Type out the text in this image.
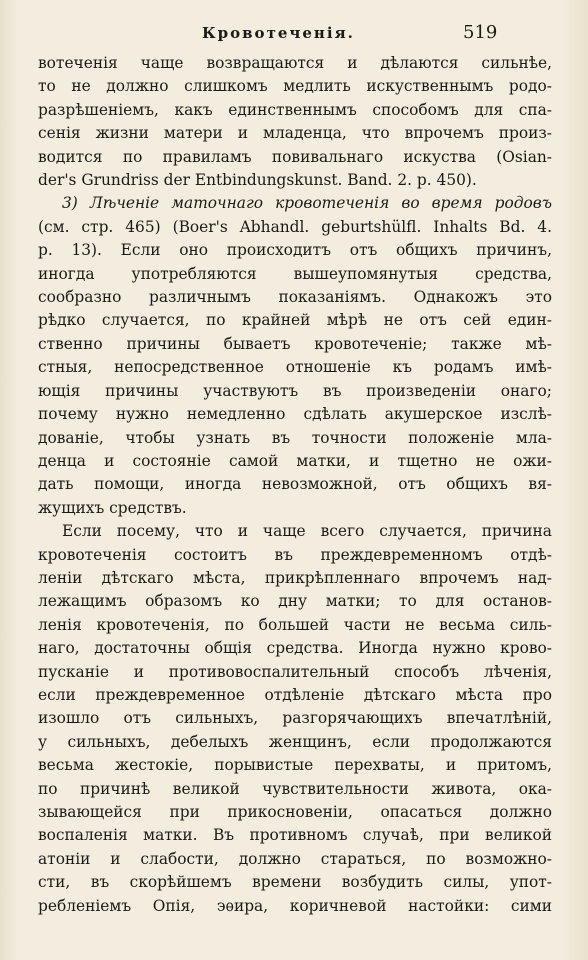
Кровотеченія.	519
вотеченія чаще возвращаются и дѣлаются сильнѣе,
то не должно слишкомъ медлить искуственнымъ родо-
разрѣшеніемъ, какъ единственнымъ способомъ для спа-
сенія жизни матери и младенца, что впрочемъ произ-
водится по правиламъ повивальнаго искуства (Osian-
der's Grundriss der Entbindungskunst. Band. 2. p. 450).
3) Лѣченіе маточнаго кровотеченія во время родовъ
(см. стр. 465) (Boer's Abhandl. geburtshülfl. Inhalts Bd. 4.
p. 13). Если оно происходитъ отъ общихъ причинъ,
иногда употребляются вышеупомянутыя средства,
сообразно различнымъ показаніямъ. Однакожъ это
рѣдко случается, по крайней мѣрѣ не отъ сей един-
ственно причины бываетъ кровотеченіе; также мѣ-
стныя, непосредственное отношеніе къ родамъ имѣ-
ющія причины участвуютъ въ произведеніи онаго;
почему нужно немедленно сдѣлать акушерское изслѣ-
дованіе, чтобы узнать въ точности положеніе мла-
денца и состояніе самой матки, и тщетно не ожи-
дать помощи, иногда невозможной, отъ общихъ вя-
жущихъ средствъ.
Если посему, что и чаще всего случается, причина
кровотеченія состоитъ въ преждевременномъ отдѣ-
леніи дѣтскаго мѣста, прикрѣпленнаго впрочемъ над-
лежащимъ образомъ ко дну матки; то для останов-
ленія кровотеченія, по большей части не весьма силь-
наго, достаточны общія средства. Иногда нужно крово-
пусканіе и противовоспалительный способъ лѣченія,
если преждевременное отдѣленіе дѣтскаго мѣста про
изошло отъ сильныхъ, разгорячающихъ впечатлѣній,
у сильныхъ, дебелыхъ женщинъ, если продолжаются
весьма жестокіе, порывистые перехваты, и притомъ,
по причинѣ великой чувствительности живота, ока-
зывающейся при прикосновеніи, опасаться должно
воспаленія матки. Въ противномъ случаѣ, при великой
атоніи и слабости, должно стараться, по возможно-
сти, въ скорѣйшемъ времени возбудить силы, упот-
ребленіемъ Опія, эѳира, коричневой настойки: сими
